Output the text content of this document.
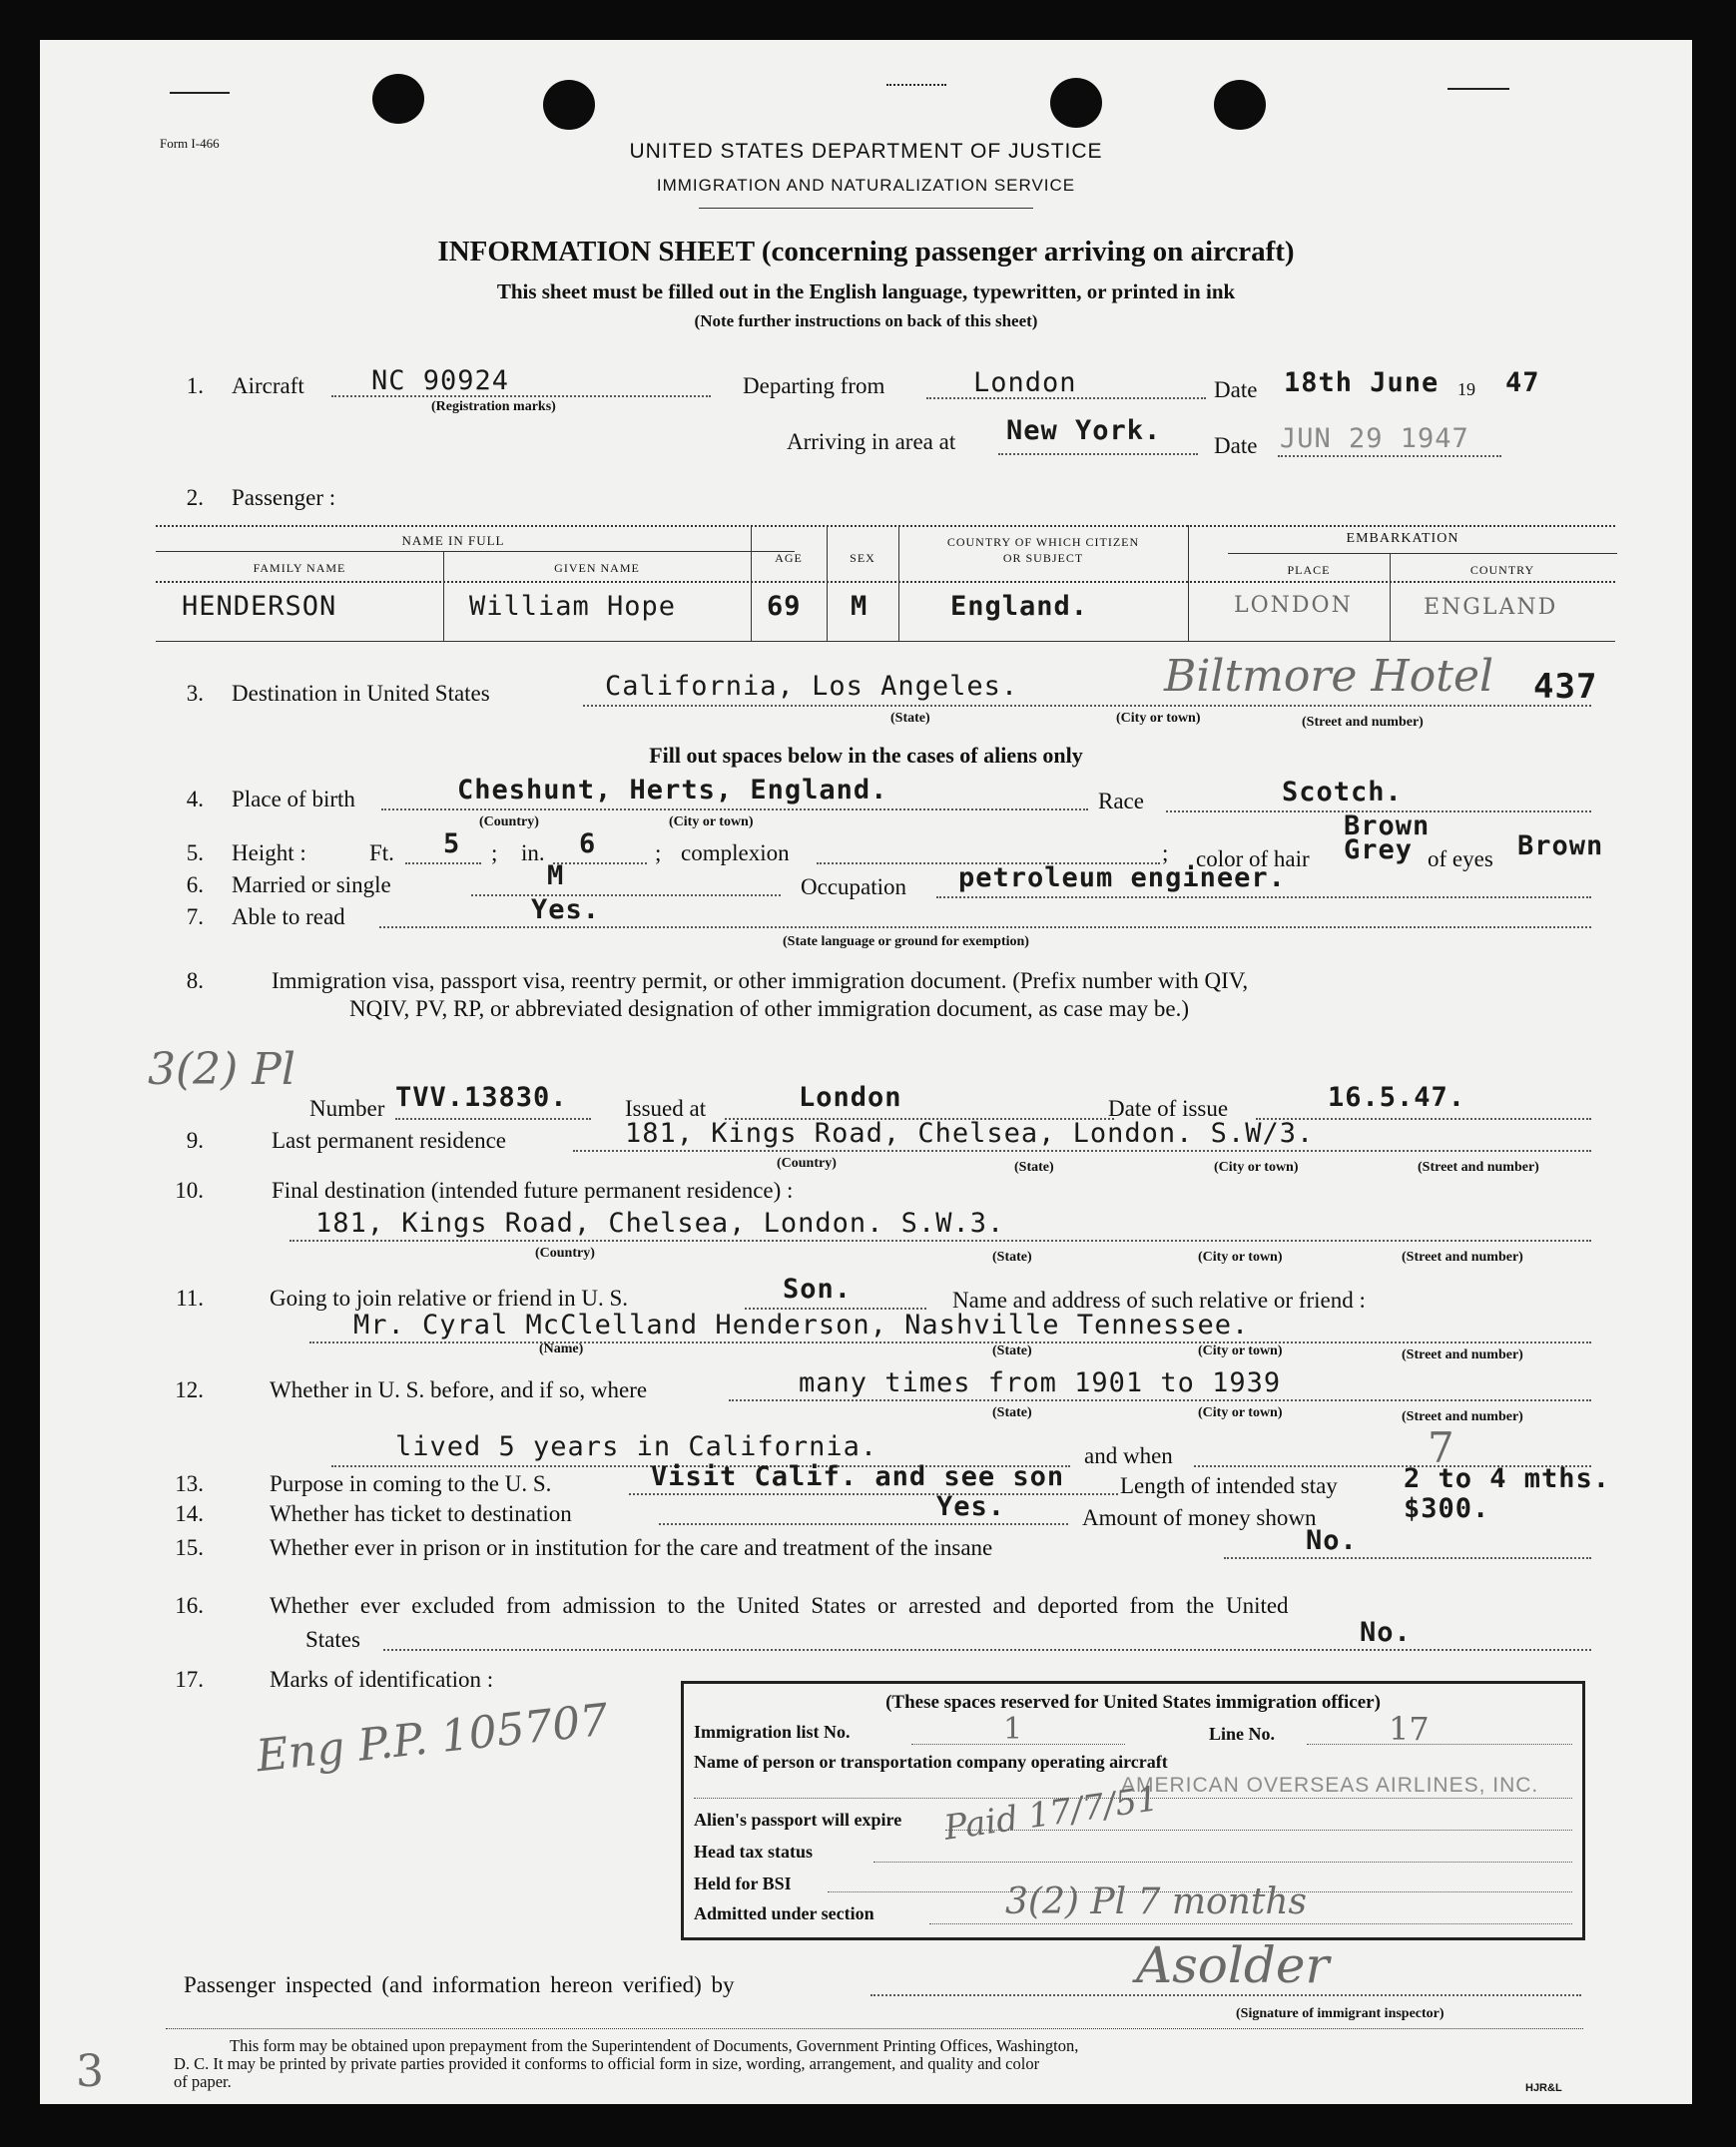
Form I-466	UNITED STATES DEPARTMENT OF JUSTICE
IMMIGRATION AND NATURALIZATION SERVICE
INFORMATION SHEET (concerning passenger arriving on aircraft)
This sheet must be filled out in the English language, typewritten, or printed in ink
(Note further instructions on back of this sheet)
1. Aircraft NC 90924
(Registration marks)
Departing from	London	Date 18th June 19 47
Arriving in area at New York. Date JUN 29 1947
2. Passenger :
NAME IN FULL
FAMILY NAME	GIVEN NAME
AGE	SEX
COUNTRY OF WHICH CITIZEN
OR SUBJECT
EMBARKATION
PLACE	COUNTRY
HENDERSON	William Hope	69 M	England.	LONDON	ENGLAND
3. Destination in United States	California, Los Angeles.	Biltmore Hotel 437
(State)	(City or town)	(Street and number)
Fill out spaces below in the cases of aliens only
4. Place of birth	Cheshunt, Herts, England.
(Country)	(City or town)
Race	Scotch.
5. Height :	Ft. 5 ; in. 6	; complexion	; color of hair
Brown
Grey of eyes Brown
6. Married or single	M	Occupation petroleum engineer.
7. Able to read	Yes.
(State language or ground for exemption)
8.	Immigration visa, passport visa, reentry permit, or other immigration document. (Prefix number with QIV,
NQIV, PV, RP, or abbreviated designation of other immigration document, as case may be.)
3(2) Pl
Number TVV.13830. Issued at	London	Date of issue	16.5.47.
9.	Last permanent residence	181, Kings Road, Chelsea, London. S.W/3.
(Country)	(State)	(City or town)	(Street and number)
10.	Final destination (intended future permanent residence) :
181, Kings Road, Chelsea, London. S.W.3.
(Country)	(State)	(City or town)	(Street and number)
11.	Going to join relative or friend in U. S.	Son.	Name and address of such relative or friend :
Mr. Cyral McClelland Henderson, Nashville Tennessee.
(Name)	(State)	(City or town)	(Street and number)
12.	Whether in U. S. before, and if so, where	many times from 1901 to 1939
(State)	(City or town)	(Street and number)
lived 5 years in California.	and when	7
13.	Purpose in coming to the U. S.	Visit Calif. and see son Length of intended stay 2 to 4 mths.
14.	Whether has ticket to destination	Yes.	Amount of money shown	$300.
15.	Whether ever in prison or in institution for the care and treatment of the insane	No.
16.	Whether ever excluded from admission to the United States or arrested and deported from the United
States	No.
17.	Marks of identification :
Eng P.P. 105707	(These spaces reserved for United States immigration officer)
Immigration list No.	1	Line No.	17
Name of person or transportation company operating aircraft
AMERICAN OVERSEAS AIRLINES, INC.
Alien's passport will expire Paid 17/7/51
Head tax status
Held for BSI
Admitted under section	3(2) Pl 7 months
Passenger inspected (and information hereon verified) by	Asolder
(Signature of immigrant inspector)
This form may be obtained upon prepayment from the Superintendent of Documents, Government Printing Offices, Washington,
D. C. It may be printed by private parties provided it conforms to official form in size, wording, arrangement, and quality and color
of paper.
3	HJR&L
